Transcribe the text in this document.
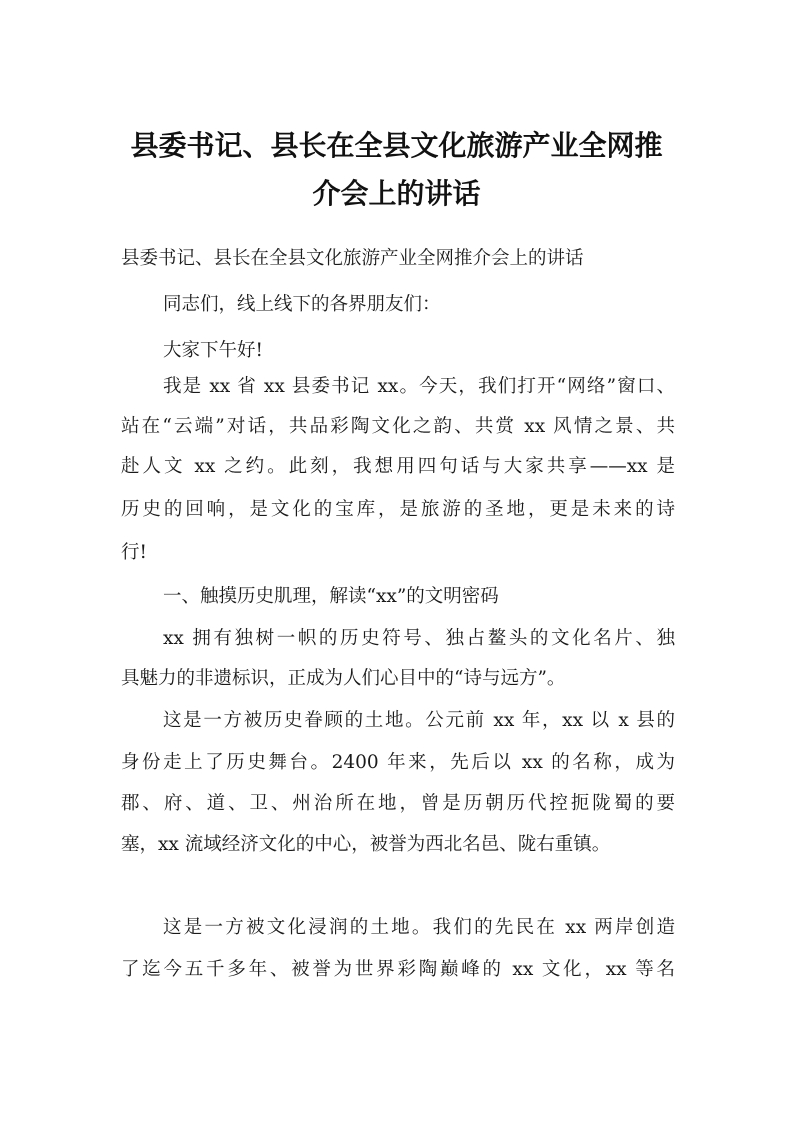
县委书记、县长在全县文化旅游产业全网推
介会上的讲话
县委书记、县长在全县文化旅游产业全网推介会上的讲话
同志们，线上线下的各界朋友们：
大家下午好!
我是 xx 省 xx 县委书记 xx。今天，我们打开“网络”窗口、
站在“云端”对话，共品彩陶文化之韵、共赏 xx 风情之景、共
赴人文 xx 之约。此刻，我想用四句话与大家共享——xx 是
历史的回响，是文化的宝库，是旅游的圣地，更是未来的诗
行!
一、触摸历史肌理，解读“xx”的文明密码
xx 拥有独树一帜的历史符号、独占鳌头的文化名片、独
具魅力的非遗标识，正成为人们心目中的“诗与远方”。
这是一方被历史眷顾的土地。公元前 xx 年，xx 以 x 县的
身份走上了历史舞台。2400 年来，先后以 xx 的名称，成为
郡、府、道、卫、州治所在地，曾是历朝历代控扼陇蜀的要
塞，xx 流域经济文化的中心，被誉为西北名邑、陇右重镇。
这是一方被文化浸润的土地。我们的先民在 xx 两岸创造
了迄今五千多年、被誉为世界彩陶巅峰的 xx 文化，xx 等名
